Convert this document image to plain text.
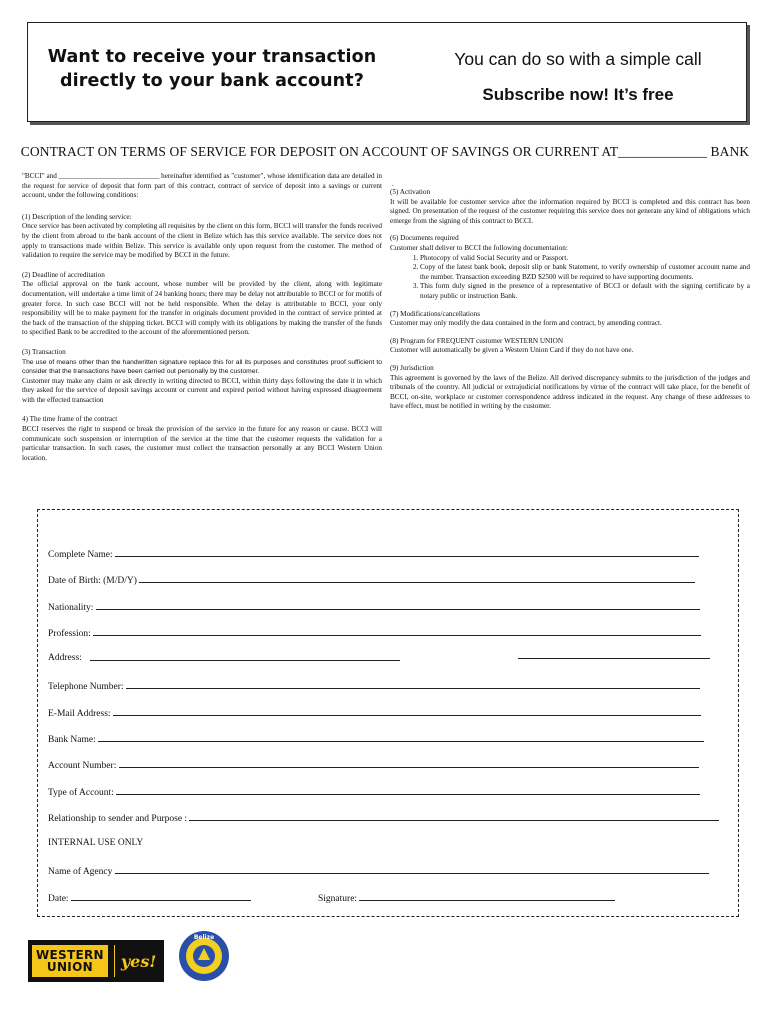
Want to receive your transaction directly to your bank account?
You can do so with a simple call
Subscribe now! It’s free
CONTRACT ON TERMS OF SERVICE FOR DEPOSIT ON ACCOUNT OF SAVINGS OR CURRENT AT_____________ BANK

"BCCI" and ____________________________ hereinafter identified as "customer", whose identification data are detailed in the request for service of deposit that form part of this contract, contract of service of deposit into a savings or current account, under the following conditions:

(1) Description of the lending service:

Once service has been activated by completing all requisites by the client on this form, BCCI will transfer the funds received by the client from abroad to the bank account of the client in Belize which has this service available. The service does not apply to transactions made within Belize. This service is available only upon request from the customer. The method of validation to require the service may be modified by BCCI in the future.

(2) Deadline of accreditation

The official approval on the bank account, whose number will be provided by the client, along with legitimate documentation, will undertake a time limit of 24 banking hours; there may be delay not attributable to BCCI or for motifs of greater force. In such case BCCI will not be held responsible. When the delay is attributable to BCCI, your only responsibility will be to make payment for the transfer in originals document provided in the contract of service printed at the back of the transaction of the shipping ticket. BCCI will comply with its obligations by making the transfer of the funds to specified Bank to be accredited to the account of the aforementioned person.

(3) Transaction
The use of means other than the handwritten signature replace this for all its purposes and constitutes proof sufficient to consider that the transactions have been carried out personally by the customer.

Customer may make any claim or ask directly in writing directed to BCCI, within thirty days following the date it in which they asked for the service of deposit savings account or current and expired period without having expressed disagreement with the effected transaction

4) The time frame of the contract

BCCI reserves the right to suspend or break the provision of the service in the future for any reason or cause. BCCI will communicate such suspension or interruption of the service at the time that the customer requests the validation for a particular transaction. In such cases, the customer must collect the transaction personally at any BCCI Western Union location.

.
(5) Activation

It will be available for customer service after the information required by BCCI is completed and this contract has been signed. On presentation of the request of the customer requiring this service does not generate any kind of obligations which emerge from the signing of this contract to BCCI.

(6) Documents required
Customer shall deliver to BCCI the following documentation:
1. Photocopy of valid Social Security and or Passport.
2. Copy of the latest bank book, deposit slip or bank Statement, to verify ownership of customer account name and the number. Transaction exceeding BZD $2500 will be required to have supporting documents.
3. This form duly signed in the presence of a representative of BCCI or default with the signing certificate by a notary public or instruction Bank.
(7) Modifications/cancellations

Customer may only modify the data contained in the form and contract, by amending contract.

(8) Program for FREQUENT customer WESTERN UNION

Customer will automatically be given a Western Union Card if they do not have one.

(9) Jurisdiction

This agreement is governed by the laws of the Belize. All derived discrepancy submits to the jurisdiction of the judges and tribunals of the country. All judicial or extrajudicial notifications by virtue of the contract will take place, for the benefit of BCCI, on-site, workplace or customer correspondence address indicated in the request. Any change of these addresses to have effect, must be notified in writing by the customer.

Complete Name:
Date of Birth: (M/D/Y)
Nationality:
Profession:
Address:
Telephone Number:
E-Mail Address:
Bank Name:
Account Number:
Type of Account:
Relationship to sender and Purpose :
INTERNAL USE ONLY
Name of Agency
Date:	Signature:
WESTERN
UNION	yes!
Belize
